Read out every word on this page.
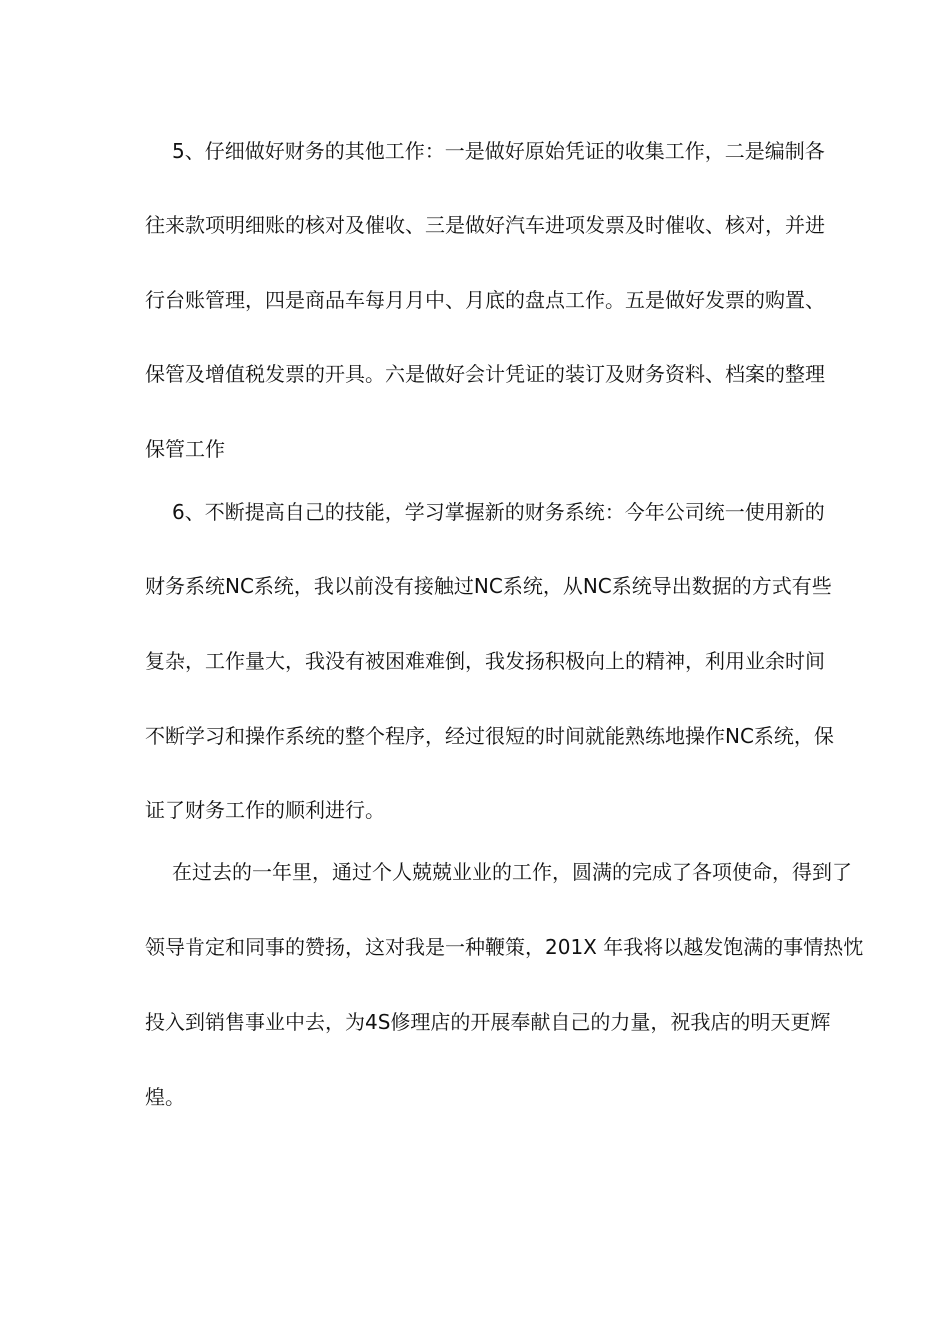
5、仔细做好财务的其他工作：一是做好原始凭证的收集工作，二是编制各

往来款项明细账的核对及催收、三是做好汽车进项发票及时催收、核对，并进

行台账管理，四是商品车每月月中、月底的盘点工作。五是做好发票的购置、

保管及增值税发票的开具。六是做好会计凭证的装订及财务资料、档案的整理

保管工作

6、不断提高自己的技能，学习掌握新的财务系统：今年公司统一使用新的

财务系统NC系统，我以前没有接触过NC系统，从NC系统导出数据的方式有些

复杂，工作量大，我没有被困难难倒，我发扬积极向上的精神，利用业余时间

不断学习和操作系统的整个程序，经过很短的时间就能熟练地操作NC系统，保

证了财务工作的顺利进行。

在过去的一年里，通过个人兢兢业业的工作，圆满的完成了各项使命，得到了

领导肯定和同事的赞扬，这对我是一种鞭策，201X 年我将以越发饱满的事情热忱

投入到销售事业中去，为4S修理店的开展奉献自己的力量，祝我店的明天更辉

煌。
